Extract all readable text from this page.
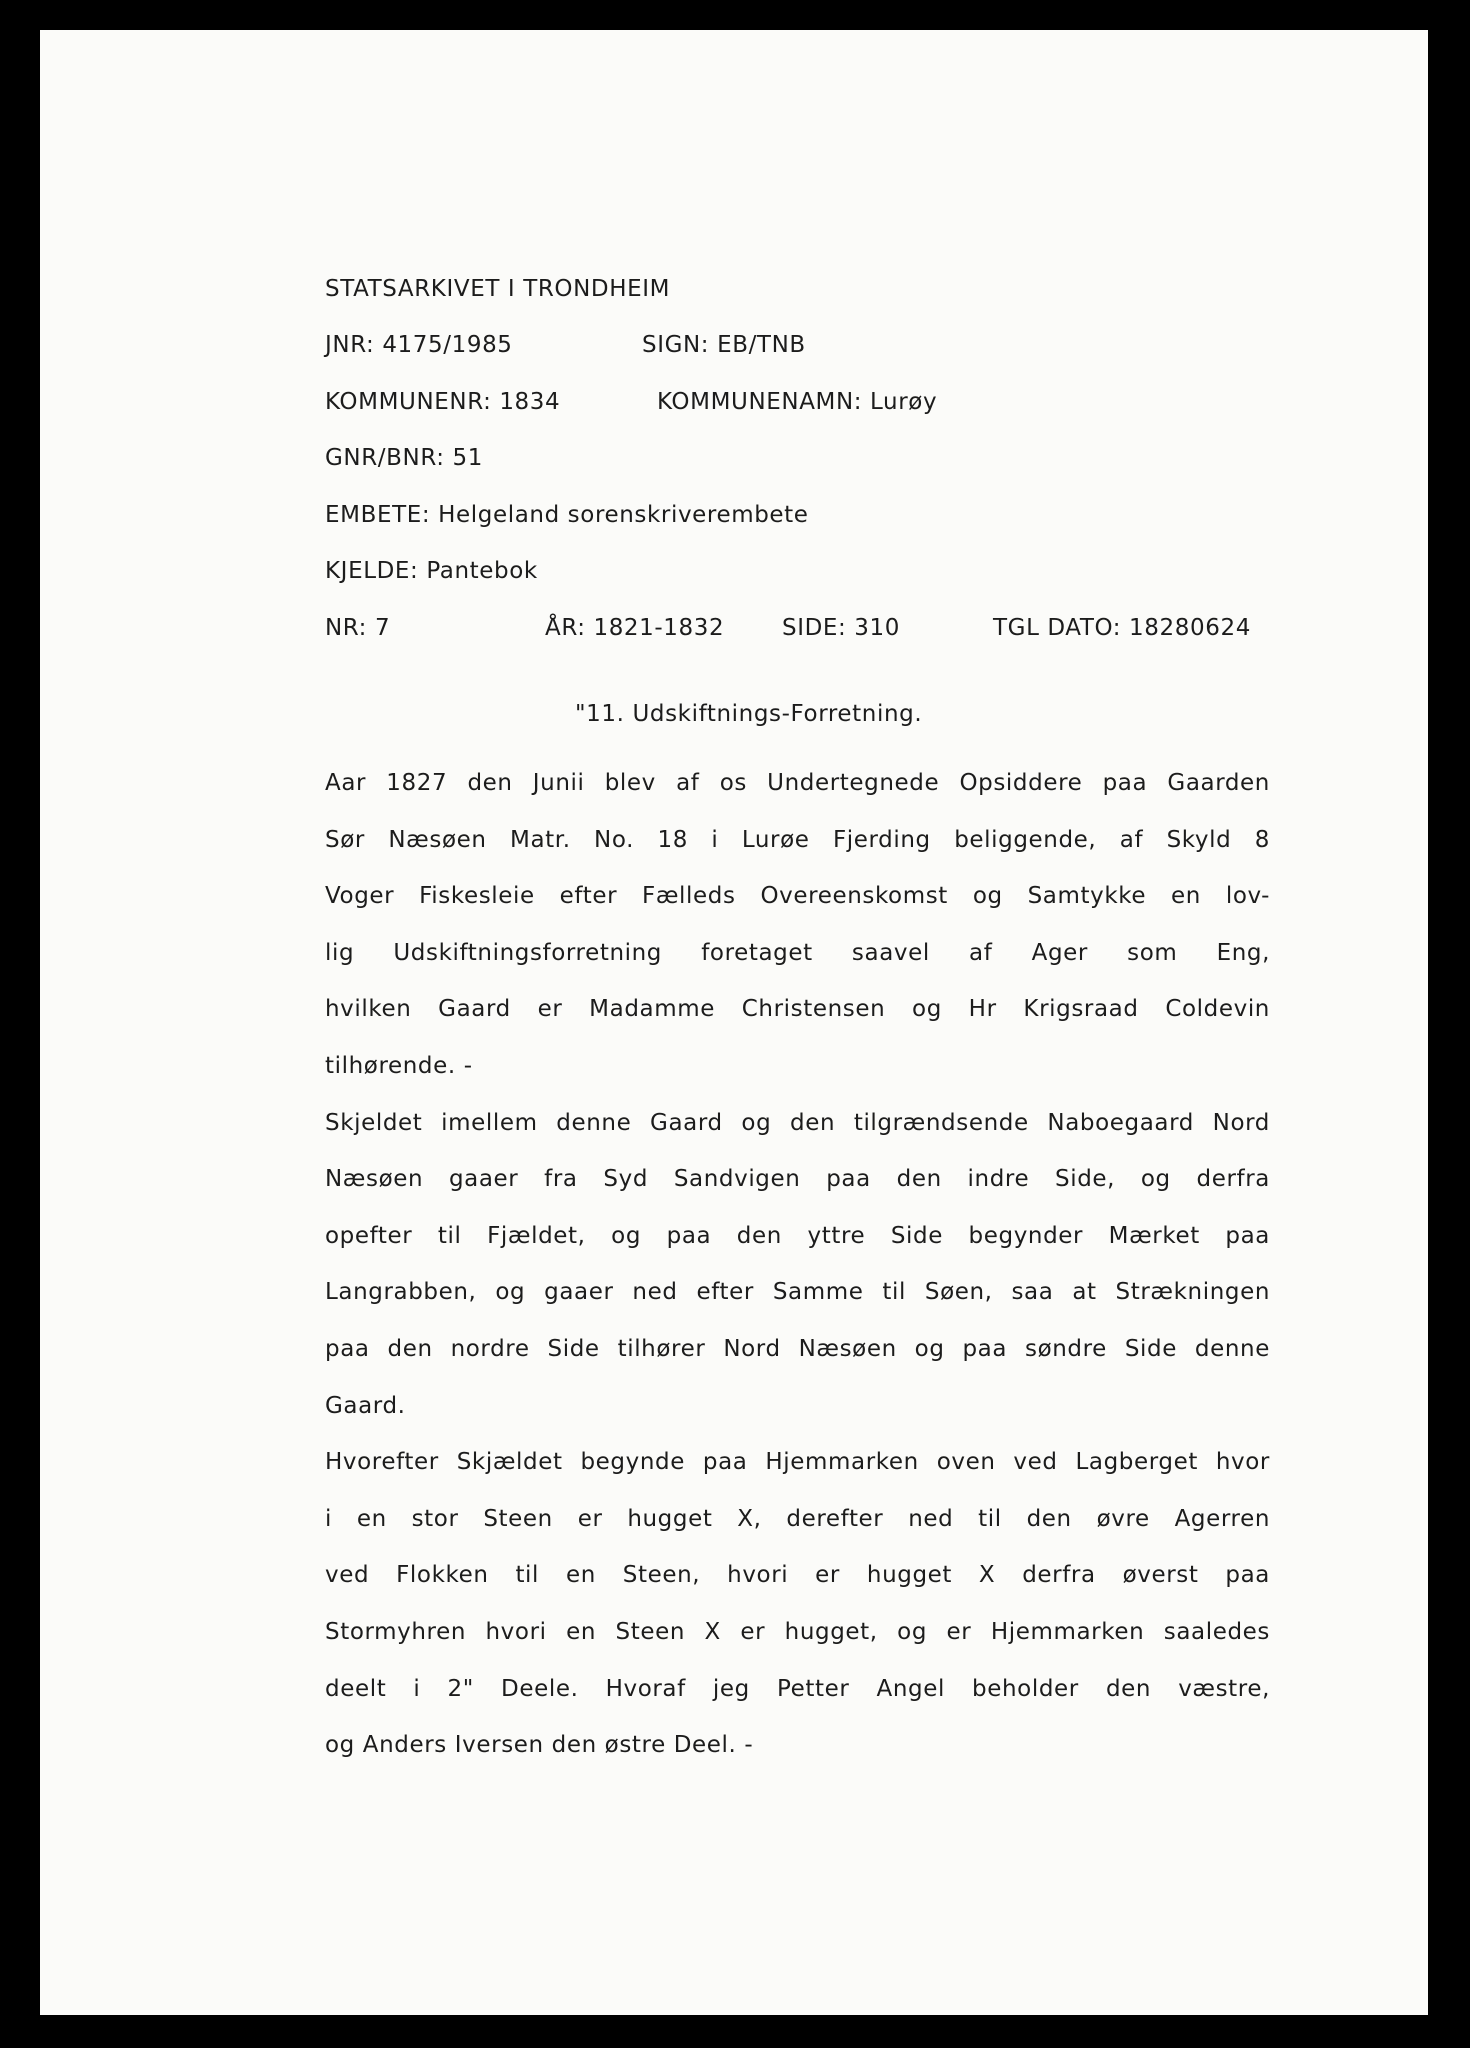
STATSARKIVET I TRONDHEIM
JNR: 4175/1985	SIGN: EB/TNB
KOMMUNENR: 1834	KOMMUNENAMN: Lurøy
GNR/BNR: 51
EMBETE: Helgeland sorenskriverembete
KJELDE: Pantebok
NR: 7	ÅR: 1821-1832	SIDE: 310	TGL DATO: 18280624
"11. Udskiftnings-Forretning.
Aar 1827 den Junii blev af os Undertegnede Opsiddere paa Gaarden
Sør Næsøen Matr. No. 18 i Lurøe Fjerding beliggende, af Skyld 8
Voger Fiskesleie efter Fælleds Overeenskomst og Samtykke en lov-
lig Udskiftningsforretning foretaget saavel af Ager som Eng,
hvilken Gaard er Madamme Christensen og Hr Krigsraad Coldevin
tilhørende. -
Skjeldet imellem denne Gaard og den tilgrændsende Naboegaard Nord
Næsøen gaaer fra Syd Sandvigen paa den indre Side, og derfra
opefter til Fjældet, og paa den yttre Side begynder Mærket paa
Langrabben, og gaaer ned efter Samme til Søen, saa at Strækningen
paa den nordre Side tilhører Nord Næsøen og paa søndre Side denne
Gaard.
Hvorefter Skjældet begynde paa Hjemmarken oven ved Lagberget hvor
i en stor Steen er hugget X, derefter ned til den øvre Agerren
ved Flokken til en Steen, hvori er hugget X derfra øverst paa
Stormyhren hvori en Steen X er hugget, og er Hjemmarken saaledes
deelt i 2" Deele. Hvoraf jeg Petter Angel beholder den væstre,
og Anders Iversen den østre Deel. -
